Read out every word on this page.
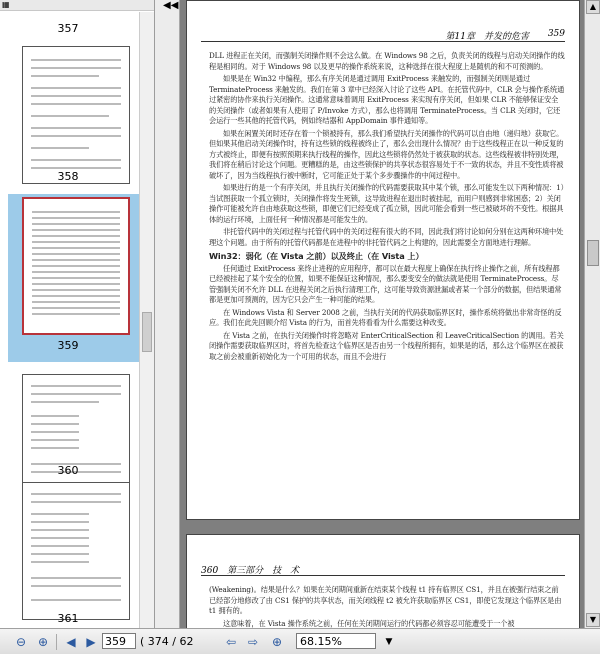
▦
357
358
359
360
361
◀◀
第11章　并发的危害 359

DLL 进程正在关闭，而强制关闭操作则不会这么做。在 Windows 98 之后，负责关闭的线程与启动关闭操作的线程是相同的。对于 Windows 98 以及更早的操作系统来说，这种选择在很大程度上是随机的和不可预测的。

如果是在 Win32 中编程，那么有序关闭是通过调用 ExitProcess 来触发的，而强制关闭则是通过 TerminateProcess 来触发的。我们在第 3 章中已经深入讨论了这些 API。在托管代码中，CLR 会与操作系统通过紧密的协作来执行关闭操作。这通常意味着调用 ExitProcess 来实现有序关闭，但如果 CLR 不能够保证安全的关闭操作（或者如果有人使用了 P/Invoke 方式），那么也将调用 TerminateProcess。当 CLR 关闭时，它还会运行一些其他的托管代码，例如终结器和 AppDomain 事件通知等。

如果在闲置关闭时还存在着一个锁被持有，那么我们希望执行关闭操作的代码可以自由地（递归地）获取它。但如果其他启动关闭操作时，持有这些锁的线程被终止了，那么会出现什么情况？由于这些线程正在以一种反复的方式被终止，即便有按照预期来执行线程的操作，因此这些锁将仍然处于被获取的状态。这些线程被非特别处理，我们将在稍后讨论这个问题。更糟糕的是，由这些锁保护的共享状态很容易处于不一致的状态，并且不变性质将被破坏了，因为当线程执行被中断时，它可能正处于某个多步骤操作的中间过程中。

如果进行的是一个有序关闭，并且执行关闭操作的代码需要获取其中某个锁，那么可能发生以下两种情况：1）当试图获取一个孤立锁时，关闭操作将发生死锁，这导致进程在退出时被挂起，而用户则感到非常困惑；2）关闭操作可能被允许自由地获取这些锁，即便它们已经变成了孤立锁，因此可能会看到一些已被破坏的不变性。根据具体的运行环境，上面任何一种情况都是可能发生的。

非托管代码中的关闭过程与托管代码中的关闭过程有很大的不同，因此我们将讨论如何分别在这两种环境中处理这个问题。由于所有的托管代码都是在进程中的非托管代码之上构建的，因此需要全方面地进行理解。

Win32：弱化（在 Vista 之前）以及终止（在 Vista 上）

任何通过 ExitProcess 来终止进程的应用程序，都可以在最大程度上确保在执行终止操作之前，所有线程都已经被挂起了某个安全的位置，如果不能保证这种情况，那么要变安全的做法就是使用 TerminateProcess。尽管强制关闭不允许 DLL 在进程关闭之后执行清理工作，这可能导致资源泄漏或者某一个部分的数据，但结果通常都是更加可预测的，因为它只会产生一种可能的结果。

在 Windows Vista 和 Server 2008 之前，当执行关闭的代码获取临界区时，操作系统将做出非常奇怪的反应。我们在此先回顾介绍 Vista 的行为，而首先将看看为什么需要这种改变。

在 Vista 之前，在执行关闭操作时将忽略对 EnterCriticalSection 和 LeaveCriticalSection 的调用。若关闭操作需要获取临界区时，将首先检查这个临界区是否由另一个线程所拥有，如果是的话，那么这个临界区在被获取之前会被重新初始化为一个可用的状态，而且不会进行

360　第三部分　技　术

(Weakening)。结果是什么？如果在关闭期间重新在结束某个线程 t1 持有临界区 CS1，并且在被强行结束之前已经部分地修改了由 CS1 保护的共享状态，而关闭线程 t2 被允许获取临界区 CS1，即使它发现这个临界区是由 t1 拥有的。

这意味着，在 Vista 操作系统之前，任何在关闭期间运行的代码都必须容忍可能遭受于一个被

▲
▼
⊖ ⊕	◀ ▶
359	( 374 / 62	⇦ ⇨	⊕
68.15%	▼
